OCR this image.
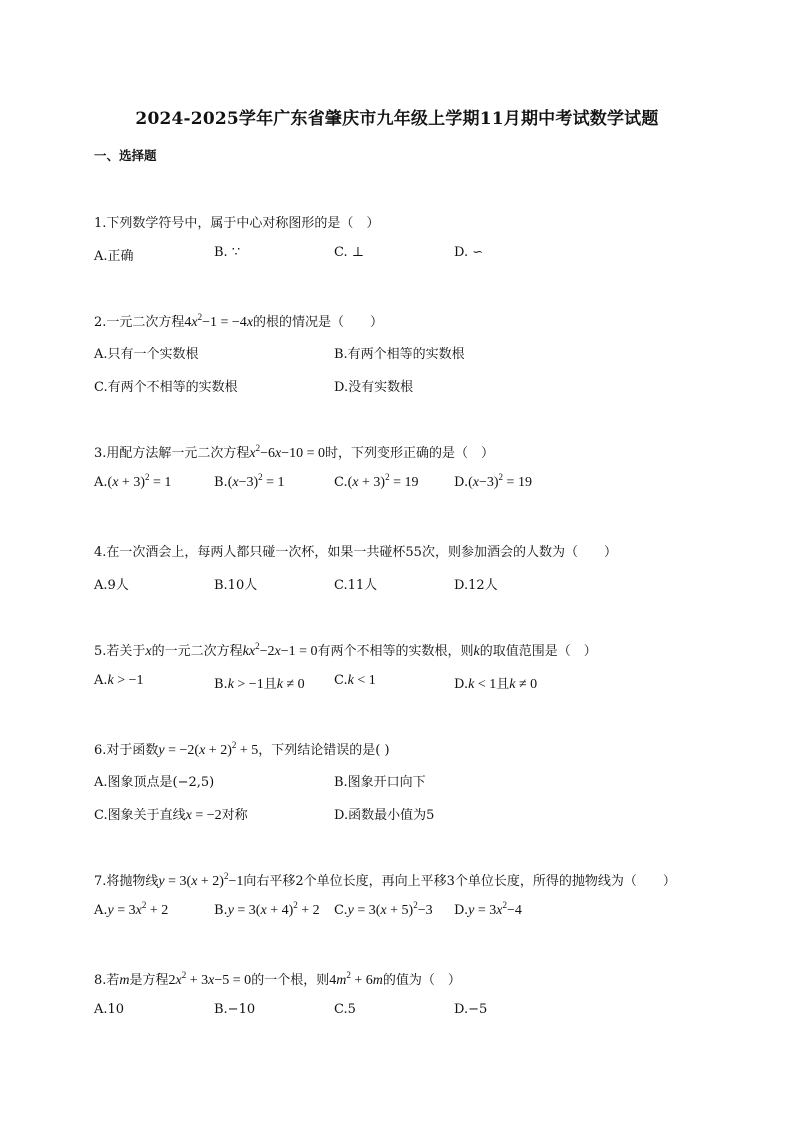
2024-2025学年广东省肇庆市九年级上学期11月期中考试数学试题
一、选择题
1.下列数学符号中，属于中心对称图形的是（　）
A.正确	B. ∵	C. ⊥	D. ∽
2.一元二次方程$4x^2-1 = -4x$的根的情况是（　　）
A.只有一个实数根	B.有两个相等的实数根
C.有两个不相等的实数根	D.没有实数根
3.用配方法解一元二次方程$x^2-6x-10 = 0$时，下列变形正确的是（　）
$A.(x + 3)^2 = 1$	$B.(x-3)^2 = 1$	$C.(x + 3)^2 = 19$	$D.(x-3)^2 = 19$
4.在一次酒会上，每两人都只碰一次杯，如果一共碰杯55次，则参加酒会的人数为（　　）
A.9人	B.10人	C.11人	D.12人
5.若关于x的一元二次方程$kx^2-2x-1 = 0$有两个不相等的实数根，则k的取值范围是（　）
A.k > −1	B.k > −1且k ≠ 0 C.k < 1	D.k < 1且k ≠ 0
6.对于函数$y = -2(x + 2)^2 + 5$，下列结论错误的是( )
A.图象顶点是(−2,5)	B.图象开口向下
C.图象关于直线x = −2对称	D.函数最小值为5
7.将抛物线$y = 3(x + 2)^2-1$向右平移2个单位长度，再向上平移3个单位长度，所得的抛物线为（　　）
$A.y = 3x^2 + 2$	$B.y = 3(x + 4)^2 + 2$ $C.y = 3(x + 5)^2-3$ $D.y = 3x^2-4$
8.若m是方程$2x^2 + 3x-5 = 0$的一个根，则$4m^2 + 6m$的值为（　）
A.10	B.−10	C.5	D.−5
